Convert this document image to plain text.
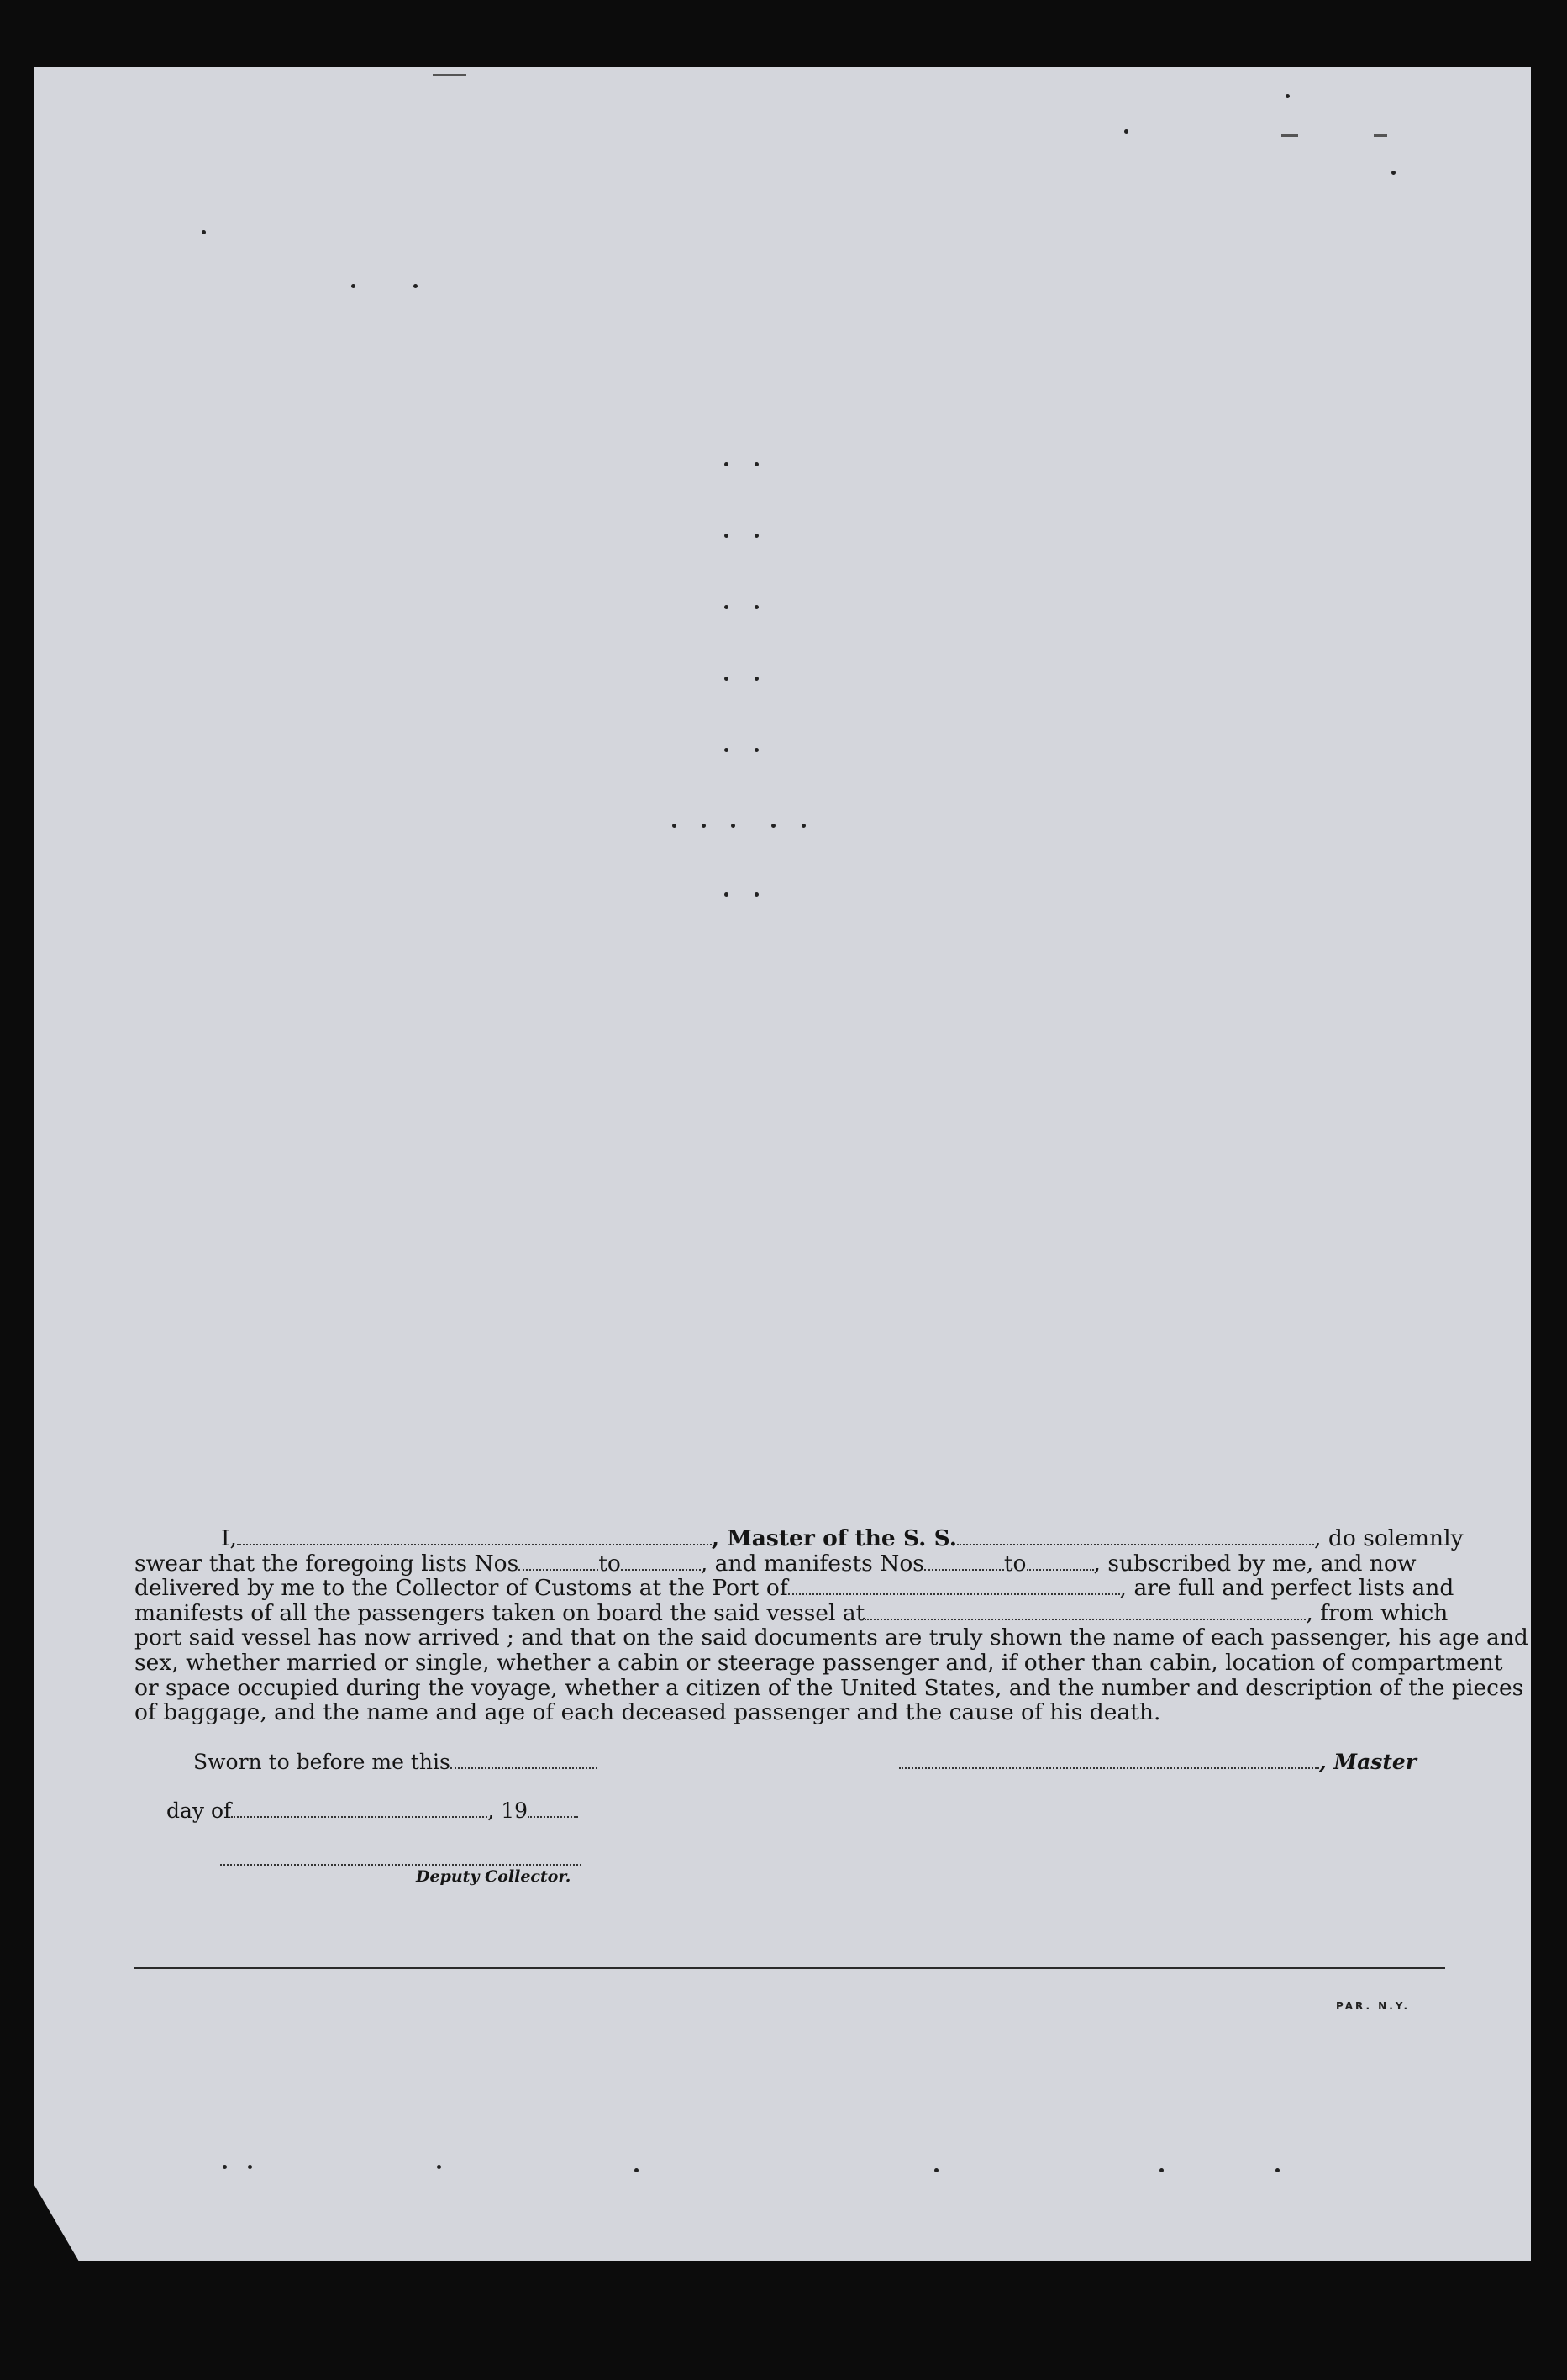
I,	, Master of the S. S.	, do solemnly
swear that the foregoing lists Nos	to	, and manifests Nos	to	, subscribed by me, and now
delivered by me to the Collector of Customs at the Port of	, are full and perfect lists and
manifests of all the passengers taken on board the said vessel at	, from which
port said vessel has now arrived ; and that on the said documents are truly shown the name of each passenger, his age and
sex, whether married or single, whether a cabin or steerage passenger and, if other than cabin, location of compartment
or space occupied during the voyage, whether a citizen of the United States, and the number and description of the pieces
of baggage, and the name and age of each deceased passenger and the cause of his death.
Sworn to before me this	, Master
day of	, 19
Deputy Collector.
PAR. N.Y.
